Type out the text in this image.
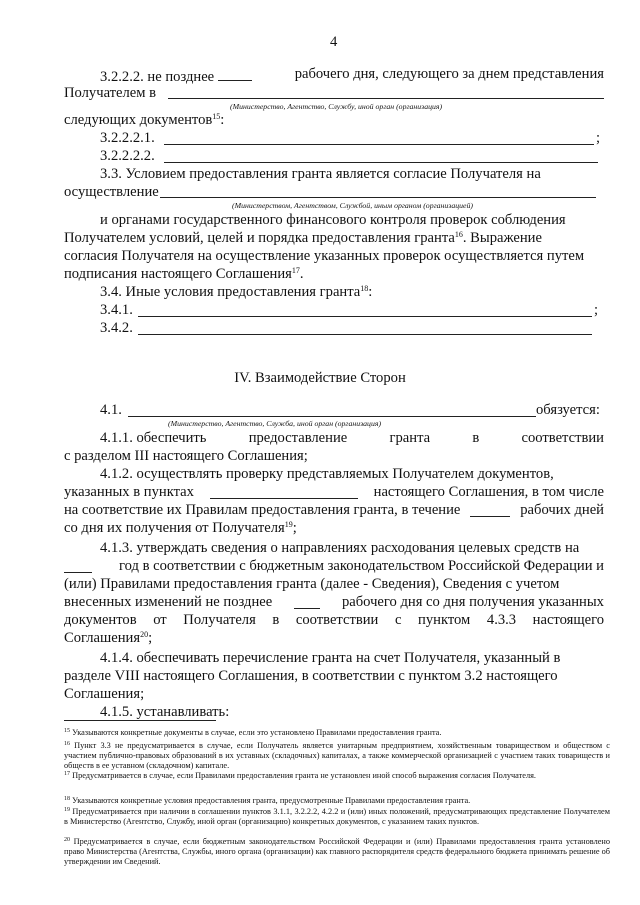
4
3.2.2.2. не позднее	рабочего дня, следующего за днем представления
Получателем в
(Министерство, Агентство, Службу, иной орган (организация)
следующих документов$^{15}$:
3.2.2.2.1.	;
3.2.2.2.2.
3.3. Условием предоставления гранта является согласие Получателя на
осуществление
(Министерством, Агентством, Службой, иным органом (организацией)
и органами государственного финансового контроля проверок соблюдения
Получателем условий, целей и порядка предоставления гранта$^{16}$. Выражение
согласия Получателя на осуществление указанных проверок осуществляется путем
подписания настоящего Соглашения$^{17}$.
3.4. Иные условия предоставления гранта$^{18}$:
3.4.1.	;
3.4.2.
IV. Взаимодействие Сторон
4.1.	обязуется:
(Министерство, Агентство, Служба, иной орган (организация)
4.1.1. обеспечить	предоставление	гранта	в	соответствии
с разделом III настоящего Соглашения;
4.1.2. осуществлять проверку представляемых Получателем документов,
указанных в пунктах	настоящего Соглашения, в том числе
на соответствие их Правилам предоставления гранта, в течение	рабочих дней
со дня их получения от Получателя$^{19}$;
4.1.3. утверждать сведения о направлениях расходования целевых средств на
год в соответствии с бюджетным законодательством Российской Федерации и
(или) Правилами предоставления гранта (далее - Сведения), Сведения с учетом
внесенных изменений не позднее	рабочего дня со дня получения указанных
документов от Получателя в соответствии с пунктом 4.3.3 настоящего
Соглашения$^{20}$;
4.1.4. обеспечивать перечисление гранта на счет Получателя, указанный в
разделе VIII настоящего Соглашения, в соответствии с пунктом 3.2 настоящего
Соглашения;
4.1.5. устанавливать:
$^{15}$ Указываются конкретные документы в случае, если это установлено Правилами предоставления гранта.
$^{16}$ Пункт 3.3 не предусматривается в случае, если Получатель является унитарным предприятием, хозяйственным товариществом и обществом с участием публично-правовых образований в их уставных (складочных) капиталах, а также коммерческой организацией с участием таких товариществ и обществ в ее уставном (складочном) капитале.
$^{17}$ Предусматривается в случае, если Правилами предоставления гранта не установлен иной способ выражения согласия Получателя.
$^{18}$ Указываются конкретные условия предоставления гранта, предусмотренные Правилами предоставления гранта.
$^{19}$ Предусматривается при наличии в соглашении пунктов 3.1.1, 3.2.2.2, 4.2.2 и (или) иных положений, предусматривающих представление Получателем в Министерство (Агентство, Службу, иной орган (организацию) конкретных документов, с указанием таких пунктов.
$^{20}$ Предусматривается в случае, если бюджетным законодательством Российской Федерации и (или) Правилами предоставления гранта установлено право Министерства (Агентства, Службы, иного органа (организации) как главного распорядителя средств федерального бюджета принимать решение об утверждении им Сведений.
